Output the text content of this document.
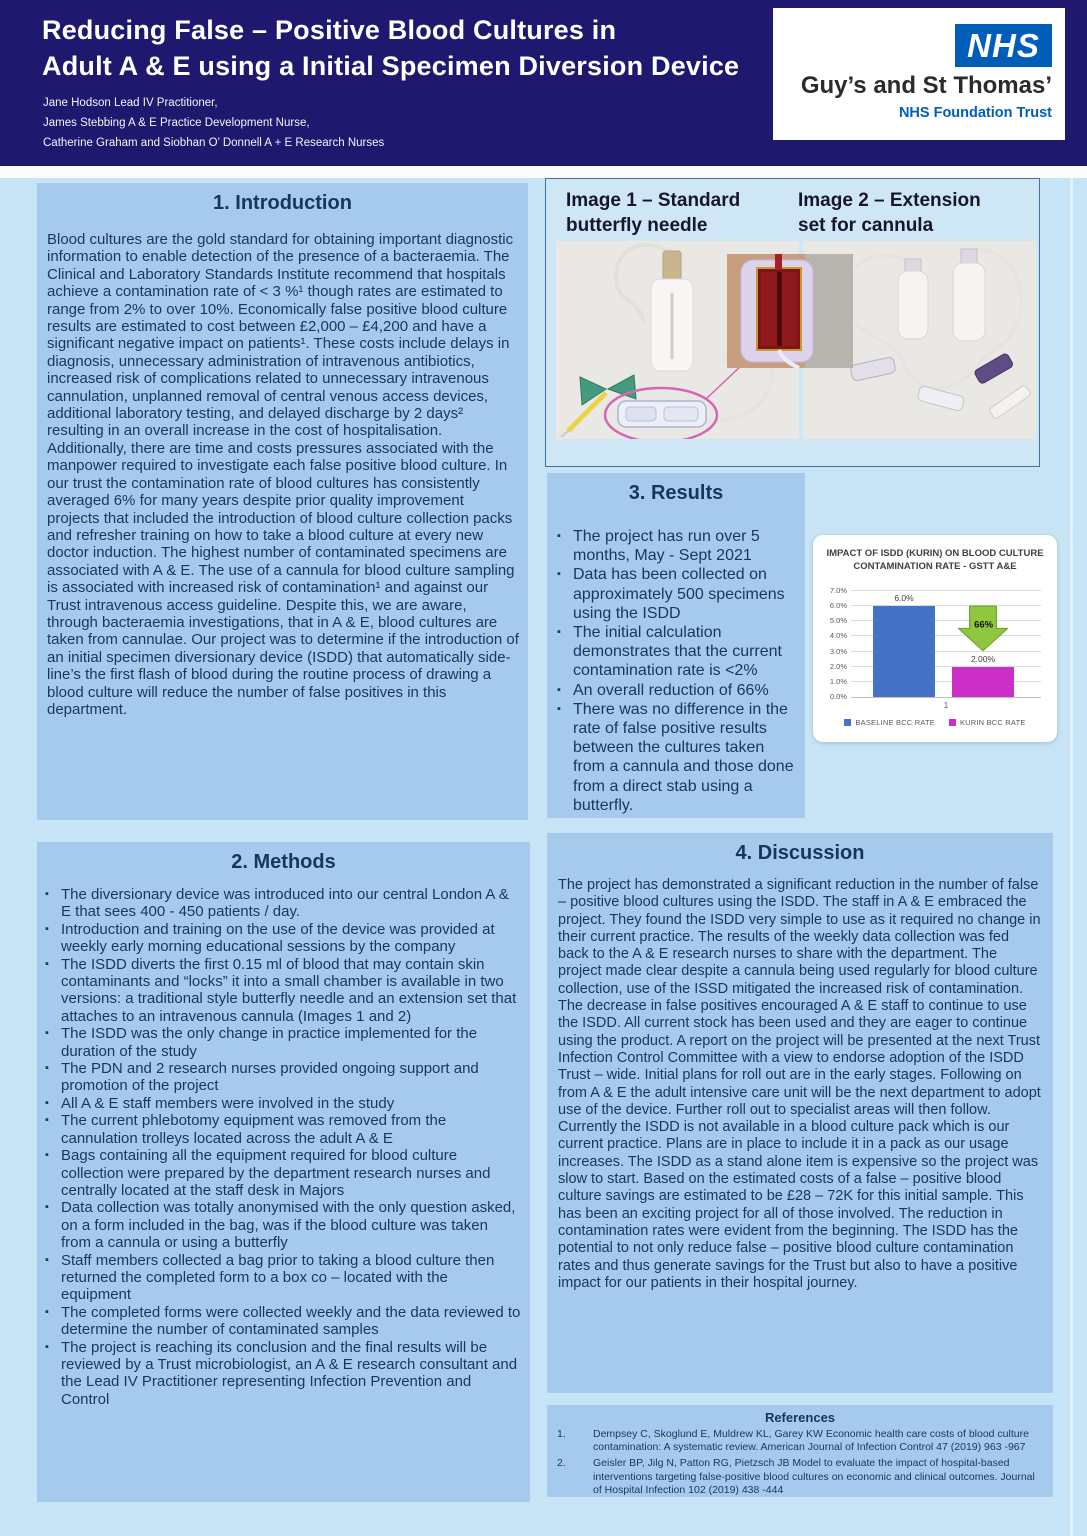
Reducing False – Positive Blood Cultures in
Adult A & E using a Initial Specimen Diversion Device
Jane Hodson Lead IV Practitioner,
James Stebbing A & E Practice Development Nurse,
Catherine Graham and Siobhan O’ Donnell A + E Research Nurses
NHS
Guy’s and St Thomas’
NHS Foundation Trust
1. Introduction
Blood cultures are the gold standard for obtaining important diagnostic information to enable detection of the presence of a bacteraemia. The Clinical and Laboratory Standards Institute recommend that hospitals achieve a contamination rate of < 3 %¹ though rates are estimated to range from 2% to over 10%. Economically false positive blood culture results are estimated to cost between £2,000 – £4,200 and have a significant negative impact on patients¹. These costs include delays in diagnosis, unnecessary administration of intravenous antibiotics, increased risk of complications related to unnecessary intravenous cannulation, unplanned removal of central venous access devices, additional laboratory testing, and delayed discharge by 2 days² resulting in an overall increase in the cost of hospitalisation. Additionally, there are time and costs pressures associated with the manpower required to investigate each false positive blood culture. In our trust the contamination rate of blood cultures has consistently averaged 6% for many years despite prior quality improvement projects that included the introduction of blood culture collection packs and refresher training on how to take a blood culture at every new doctor induction. The highest number of contaminated specimens are associated with A & E. The use of a cannula for blood culture sampling is associated with increased risk of contamination¹ and against our Trust intravenous access guideline. Despite this, we are aware, through bacteraemia investigations, that in A & E, blood cultures are taken from cannulae. Our project was to determine if the introduction of an initial specimen diversionary device (ISDD) that automatically side-line’s the first flash of blood during the routine process of drawing a blood culture will reduce the number of false positives in this department.
Image 1 – Standard
butterfly needle
Image 2 – Extension
set for cannula
3. Results
▪ The project has run over 5 months, May - Sept 2021
▪ Data has been collected on approximately 500 specimens using the ISDD
▪ The initial calculation demonstrates that the current contamination rate is <2%
▪ An overall reduction of 66%
▪ There was no difference in the rate of false positive results between the cultures taken from a cannula and those done from a direct stab using a butterfly.
IMPACT OF ISDD (KURIN) ON BLOOD CULTURE
CONTAMINATION RATE - GSTT A&E
0.0%
1.0%
2.0%
3.0%
4.0%
5.0%
6.0%
7.0%
6.0%
2.00%
66%
1
BASELINE BCC RATE	KURIN BCC RATE
2. Methods
▪ The diversionary device was introduced into our central London A & E that sees 400 - 450 patients / day.
▪ Introduction and training on the use of the device was provided at weekly early morning educational sessions by the company
▪ The ISDD diverts the first 0.15 ml of blood that may contain skin contaminants and “locks” it into a small chamber is available in two versions: a traditional style butterfly needle and an extension set that attaches to an intravenous cannula (Images 1 and 2)
▪ The ISDD was the only change in practice implemented for the duration of the study
▪ The PDN and 2 research nurses provided ongoing support and promotion of the project
▪ All A & E staff members were involved in the study
▪ The current phlebotomy equipment was removed from the cannulation trolleys located across the adult A & E
▪ Bags containing all the equipment required for blood culture collection were prepared by the department research nurses and centrally located at the staff desk in Majors
▪ Data collection was totally anonymised with the only question asked, on a form included in the bag, was if the blood culture was taken from a cannula or using a butterfly
▪ Staff members collected a bag prior to taking a blood culture then returned the completed form to a box co – located with the equipment
▪ The completed forms were collected weekly and the data reviewed to determine the number of contaminated samples
▪ The project is reaching its conclusion and the final results will be reviewed by a Trust microbiologist, an A & E research consultant and the Lead IV Practitioner representing Infection Prevention and Control
4. Discussion
The project has demonstrated a significant reduction in the number of false – positive blood cultures using the ISDD. The staff in A & E embraced the project. They found the ISDD very simple to use as it required no change in their current practice. The results of the weekly data collection was fed back to the A & E research nurses to share with the department. The project made clear despite a cannula being used regularly for blood culture collection, use of the ISSD mitigated the increased risk of contamination. The decrease in false positives encouraged A & E staff to continue to use the ISDD. All current stock has been used and they are eager to continue using the product. A report on the project will be presented at the next Trust Infection Control Committee with a view to endorse adoption of the ISDD Trust – wide. Initial plans for roll out are in the early stages. Following on from A & E the adult intensive care unit will be the next department to adopt use of the device. Further roll out to specialist areas will then follow. Currently the ISDD is not available in a blood culture pack which is our current practice. Plans are in place to include it in a pack as our usage increases. The ISDD as a stand alone item is expensive so the project was slow to start. Based on the estimated costs of a false – positive blood culture savings are estimated to be £28 – 72K for this initial sample. This has been an exciting project for all of those involved. The reduction in contamination rates were evident from the beginning. The ISDD has the potential to not only reduce false – positive blood culture contamination rates and thus generate savings for the Trust but also to have a positive impact for our patients in their hospital journey.
References
1.	Dempsey C, Skoglund E, Muldrew KL, Garey KW Economic health care costs of blood culture contamination: A systematic review. American Journal of Infection Control 47 (2019) 963 -967
2.	Geisler BP, Jilg N, Patton RG, Pietzsch JB Model to evaluate the impact of hospital-based interventions targeting false-positive blood cultures on economic and clinical outcomes. Journal of Hospital Infection 102 (2019) 438 -444
